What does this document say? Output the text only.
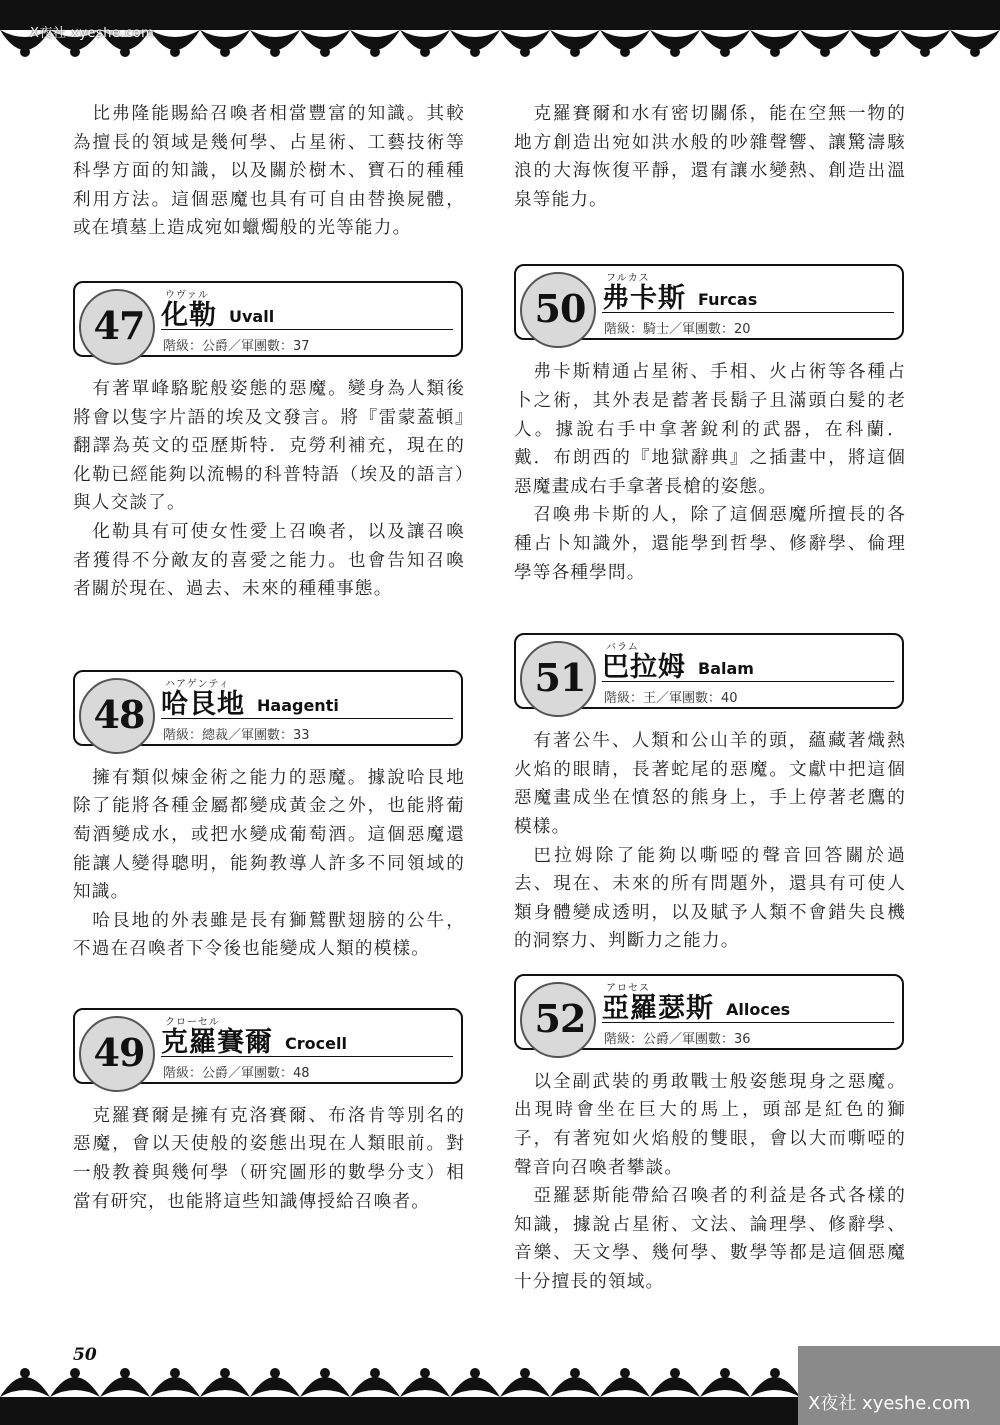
X夜社 xyeshe.com

比弗隆能賜給召喚者相當豐富的知識。其較為擅長的領域是幾何學、占星術、工藝技術等科學方面的知識，以及關於樹木、寶石的種種利用方法。這個惡魔也具有可自由替換屍體，或在墳墓上造成宛如蠟燭般的光等能力。

47
ウヴァル
化勒 Uvall
階級：公爵／軍團數：37

有著單峰駱駝般姿態的惡魔。變身為人類後將會以隻字片語的埃及文發言。將『雷蒙蓋頓』翻譯為英文的亞歷斯特．克勞利補充，現在的化勒已經能夠以流暢的科普特語（埃及的語言）與人交談了。

化勒具有可使女性愛上召喚者，以及讓召喚者獲得不分敵友的喜愛之能力。也會告知召喚者關於現在、過去、未來的種種事態。

48
ハアゲンティ
哈艮地 Haagenti
階級：總裁／軍團數：33

擁有類似煉金術之能力的惡魔。據說哈艮地除了能將各種金屬都變成黃金之外，也能將葡萄酒變成水，或把水變成葡萄酒。這個惡魔還能讓人變得聰明，能夠教導人許多不同領域的知識。

哈艮地的外表雖是長有獅鷲獸翅膀的公牛，不過在召喚者下令後也能變成人類的模樣。

49
クローセル
克羅賽爾 Crocell
階級：公爵／軍團數：48

克羅賽爾是擁有克洛賽爾、布洛肯等別名的惡魔，會以天使般的姿態出現在人類眼前。對一般教養與幾何學（研究圖形的數學分支）相當有研究，也能將這些知識傳授給召喚者。

克羅賽爾和水有密切關係，能在空無一物的地方創造出宛如洪水般的吵雜聲響、讓驚濤駭浪的大海恢復平靜，還有讓水變熱、創造出溫泉等能力。

50
フルカス
弗卡斯 Furcas
階級：騎士／軍團數：20

弗卡斯精通占星術、手相、火占術等各種占卜之術，其外表是蓄著長鬍子且滿頭白髮的老人。據說右手中拿著銳利的武器，在科蘭．戴．布朗西的『地獄辭典』之插畫中，將這個惡魔畫成右手拿著長槍的姿態。

召喚弗卡斯的人，除了這個惡魔所擅長的各種占卜知識外，還能學到哲學、修辭學、倫理學等各種學問。

51
バラム
巴拉姆 Balam
階級：王／軍團數：40

有著公牛、人類和公山羊的頭，蘊藏著熾熱火焰的眼睛，長著蛇尾的惡魔。文獻中把這個惡魔畫成坐在憤怒的熊身上，手上停著老鷹的模樣。

巴拉姆除了能夠以嘶啞的聲音回答關於過去、現在、未來的所有問題外，還具有可使人類身體變成透明，以及賦予人類不會錯失良機的洞察力、判斷力之能力。

52
アロセス
亞羅瑟斯 Alloces
階級：公爵／軍團數：36

以全副武裝的勇敢戰士般姿態現身之惡魔。出現時會坐在巨大的馬上，頭部是紅色的獅子，有著宛如火焰般的雙眼，會以大而嘶啞的聲音向召喚者攀談。

亞羅瑟斯能帶給召喚者的利益是各式各樣的知識，據說占星術、文法、論理學、修辭學、音樂、天文學、幾何學、數學等都是這個惡魔十分擅長的領域。

50
X夜社 xyeshe.com
